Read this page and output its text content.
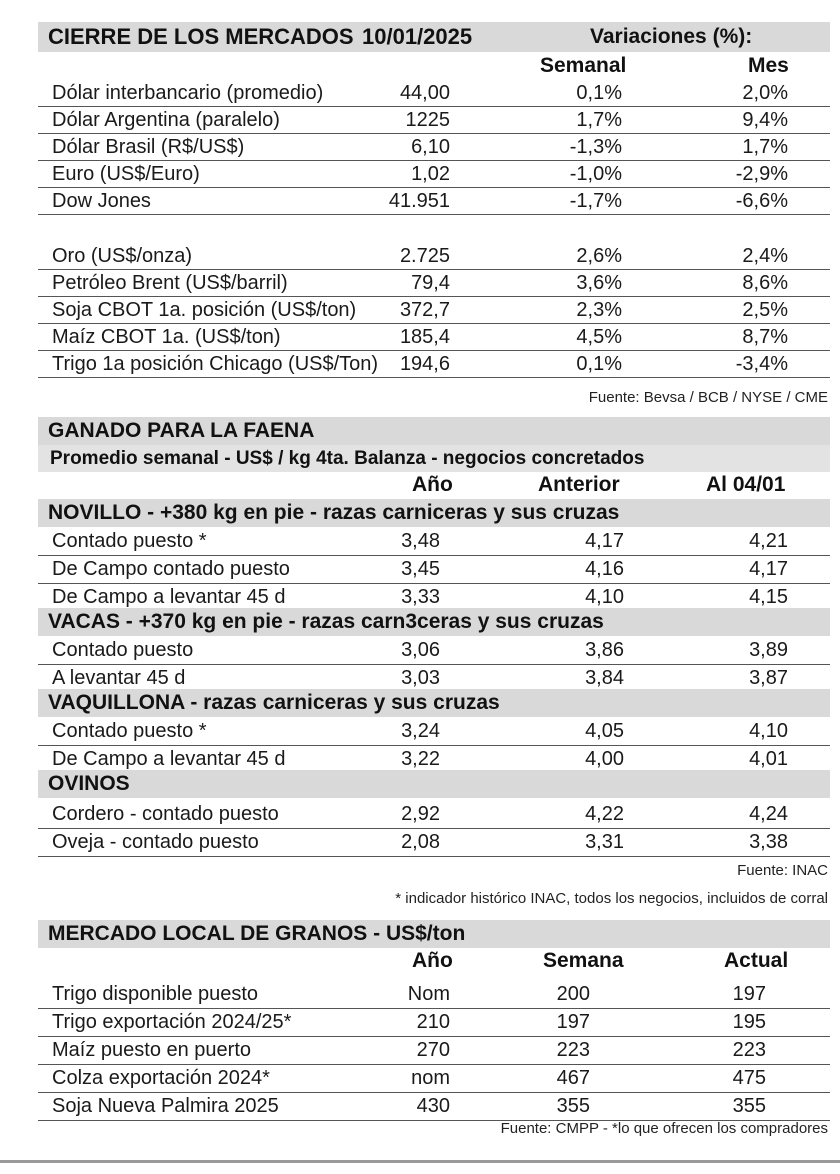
CIERRE DE LOS MERCADOS 10/01/2025	Variaciones (%):
Semanal	Mes
Dólar interbancario (promedio)	44,00	0,1%	2,0%
Dólar Argentina (paralelo)	1225	1,7%	9,4%
Dólar Brasil (R$/US$)	6,10	-1,3%	1,7%
Euro (US$/Euro)	1,02	-1,0%	-2,9%
Dow Jones	41.951	-1,7%	-6,6%
Oro (US$/onza)	2.725	2,6%	2,4%
Petróleo Brent (US$/barril)	79,4	3,6%	8,6%
Soja CBOT 1a. posición (US$/ton) 372,7	2,3%	2,5%
Maíz CBOT 1a. (US$/ton)	185,4	4,5%	8,7%
Trigo 1a posición Chicago (US$/Ton) 194,6	0,1%	-3,4%
Fuente: Bevsa / BCB / NYSE / CME
GANADO PARA LA FAENA
Promedio semanal - US$ / kg 4ta. Balanza - negocios concretados
Año	Anterior	Al 04/01
NOVILLO - +380 kg en pie - razas carniceras y sus cruzas
Contado puesto *	3,48	4,17	4,21
De Campo contado puesto	3,45	4,16	4,17
De Campo a levantar 45 d	3,33	4,10	4,15
VACAS - +370 kg en pie - razas carn3ceras y sus cruzas
Contado puesto	3,06	3,86	3,89
A levantar 45 d	3,03	3,84	3,87
VAQUILLONA - razas carniceras y sus cruzas
Contado puesto *	3,24	4,05	4,10
De Campo a levantar 45 d	3,22	4,00	4,01
OVINOS
Cordero - contado puesto	2,92	4,22	4,24
Oveja - contado puesto	2,08	3,31	3,38
Fuente: INAC
* indicador histórico INAC, todos los negocios, incluidos de corral
MERCADO LOCAL DE GRANOS - US$/ton
Año	Semana	Actual
Trigo disponible puesto	Nom	200	197
Trigo exportación 2024/25*	210	197	195
Maíz puesto en puerto	270	223	223
Colza exportación 2024*	nom	467	475
Soja Nueva Palmira 2025	430	355	355
Fuente: CMPP - *lo que ofrecen los compradores
